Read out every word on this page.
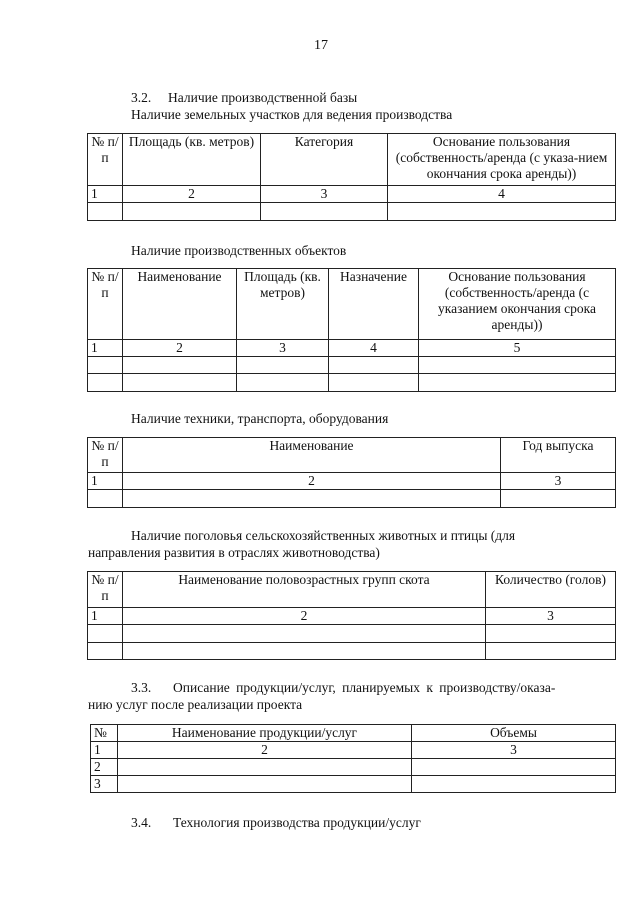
17
3.2. Наличие производственной базы
Наличие земельных участков для ведения производства
№ п/п	Площадь (кв. метров)	Категория	Основание пользования (собственность/аренда (с указа-нием окончания срока аренды))
1	2	3	4

Наличие производственных объектов
№ п/п	Наименование	Площадь (кв. метров)	Назначение	Основание пользования (собственность/аренда (с указанием окончания срока аренды))
1	2	3	4	5

Наличие техники, транспорта, оборудования
№ п/п	Наименование	Год выпуска
1	2	3

Наличие поголовья сельскохозяйственных животных и птицы (для
направления развития в отраслях животноводства)
№ п/п	Наименование половозрастных групп скота	Количество (голов)
1	2	3

3.3. Описание продукции/услуг, планируемых к производству/оказа-
нию услуг после реализации проекта
№	Наименование продукции/услуг	Объемы
1	2	3
2		
3		
3.4. Технология производства продукции/услуг
